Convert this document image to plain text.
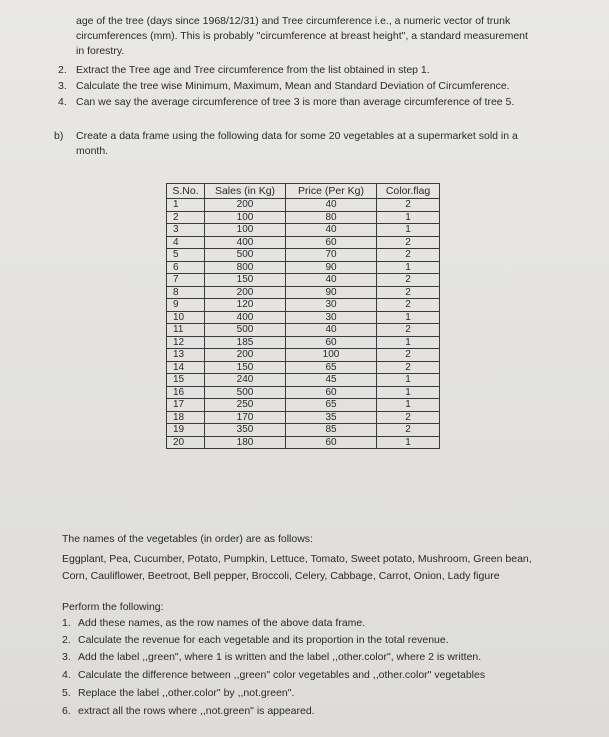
age of the tree (days since 1968/12/31) and Tree circumference i.e., a numeric vector of trunk
circumferences (mm). This is probably "circumference at breast height", a standard measurement
in forestry.
2. Extract the Tree age and Tree circumference from the list obtained in step 1.
3. Calculate the tree wise Minimum, Maximum, Mean and Standard Deviation of Circumference.
4. Can we say the average circumference of tree 3 is more than average circumference of tree 5.
b) Create a data frame using the following data for some 20 vegetables at a supermarket sold in a
month.
S.No.	Sales (in Kg)	Price (Per Kg)	Color.flag
1	200	40	2
2	100	80	1
3	100	40	1
4	400	60	2
5	500	70	2
6	800	90	1
7	150	40	2
8	200	90	2
9	120	30	2
10	400	30	1
11	500	40	2
12	185	60	1
13	200	100	2
14	150	65	2
15	240	45	1
16	500	60	1
17	250	65	1
18	170	35	2
19	350	85	2
20	180	60	1
The names of the vegetables (in order) are as follows:
Eggplant, Pea, Cucumber, Potato, Pumpkin, Lettuce, Tomato, Sweet potato, Mushroom, Green bean,
Corn, Cauliflower, Beetroot, Bell pepper, Broccoli, Celery, Cabbage, Carrot, Onion, Lady figure
Perform the following:
1. Add these names, as the row names of the above data frame.
2. Calculate the revenue for each vegetable and its proportion in the total revenue.
3. Add the label ,,green", where 1 is written and the label ,,other.color", where 2 is written.
4. Calculate the difference between ,,green" color vegetables and ,,other.color" vegetables
5. Replace the label ,,other.color" by ,,not.green".
6. extract all the rows where ,,not.green" is appeared.
